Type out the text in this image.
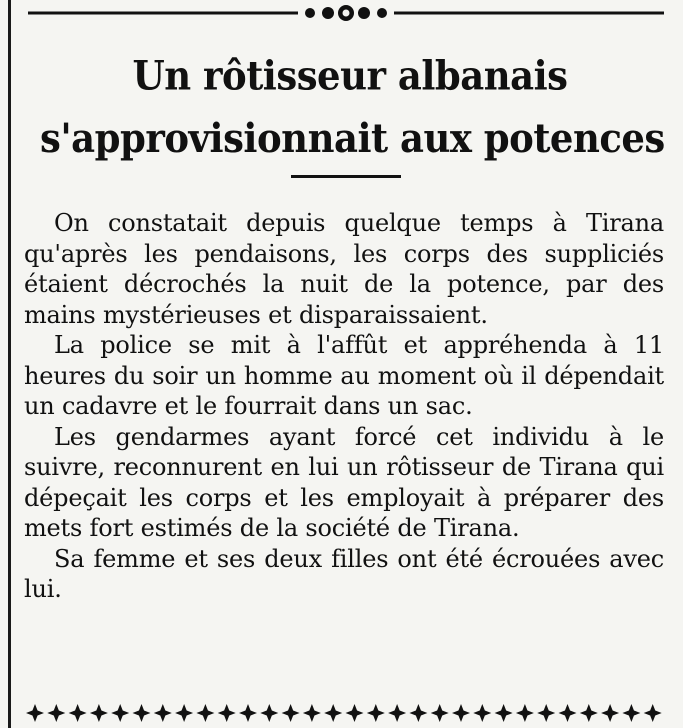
Un rôtisseur albanais
s'approvisionnait aux potences

On constatait depuis quelque temps à Tirana qu'après les pendaisons, les corps des suppliciés étaient décrochés la nuit de la potence, par des mains mystérieuses et disparaissaient.

La police se mit à l'affût et appréhenda à 11 heures du soir un homme au moment où il dépendait un cadavre et le fourrait dans un sac.

Les gendarmes ayant forcé cet individu à le suivre, reconnurent en lui un rôtisseur de Tirana qui dépeçait les corps et les employait à préparer des mets fort estimés de la société de Tirana.

Sa femme et ses deux filles ont été écrouées avec lui.
